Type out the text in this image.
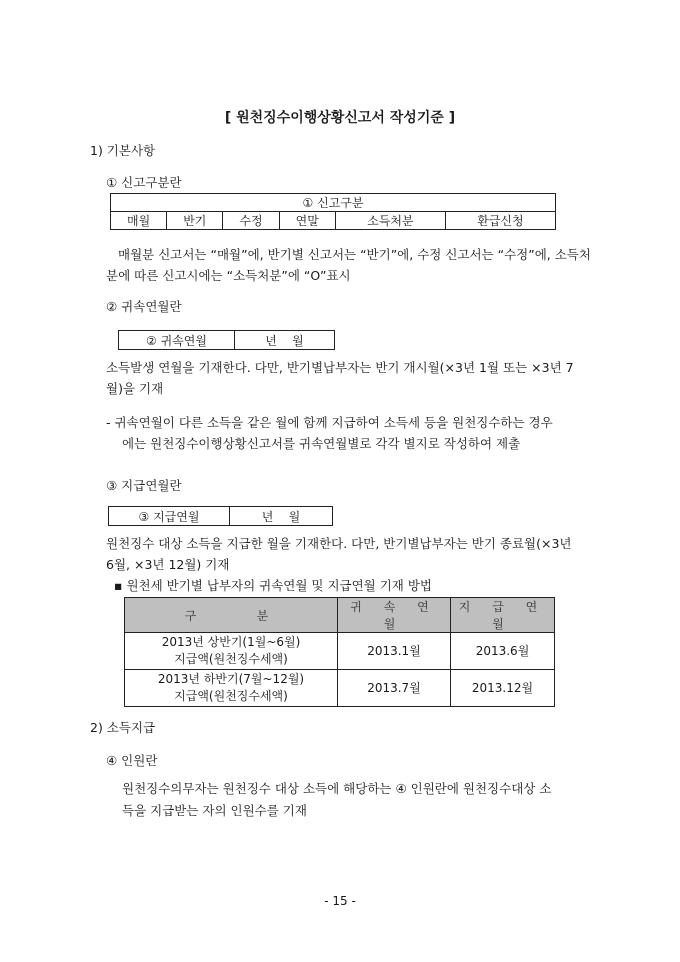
[ 원천징수이행상황신고서 작성기준 ]
1) 기본사항
① 신고구분란
① 신고구분
매월	반기	수정	연말	소득처분	환급신청
매월분 신고서는 “매월”에, 반기별 신고서는 “반기”에, 수정 신고서는 “수정”에, 소득처
분에 따른 신고시에는 “소득처분”에 “O”표시
② 귀속연월란
② 귀속연월	년    월
소득발생 연월을 기재한다. 다만, 반기별납부자는 반기 개시월(×3년 1월 또는 ×3년 7
월)을 기재
- 귀속연월이 다른 소득을 같은 월에 함께 지급하여 소득세 등을 원천징수하는 경우
에는 원천징수이행상황신고서를 귀속연월별로 각각 별지로 작성하여 제출
③ 지급연월란
③ 지급연월	년    월
원천징수 대상 소득을 지급한 월을 기재한다. 다만, 반기별납부자는 반기 종료월(×3년
6월, ×3년 12월) 기재
▪ 원천세 반기별 납부자의 귀속연월 및 지급연월 기재 방법
구    분	귀 속 연 월	지 급 연 월

2013년 상반기(1월~6월)
지급액(원천징수세액)	2013.1월	2013.6월

2013년 하반기(7월~12월)
지급액(원천징수세액)	2013.7월	2013.12월
2) 소득지급
④ 인원란
원천징수의무자는 원천징수 대상 소득에 해당하는 ④ 인원란에 원천징수대상 소
득을 지급받는 자의 인원수를 기재
- 15 -
